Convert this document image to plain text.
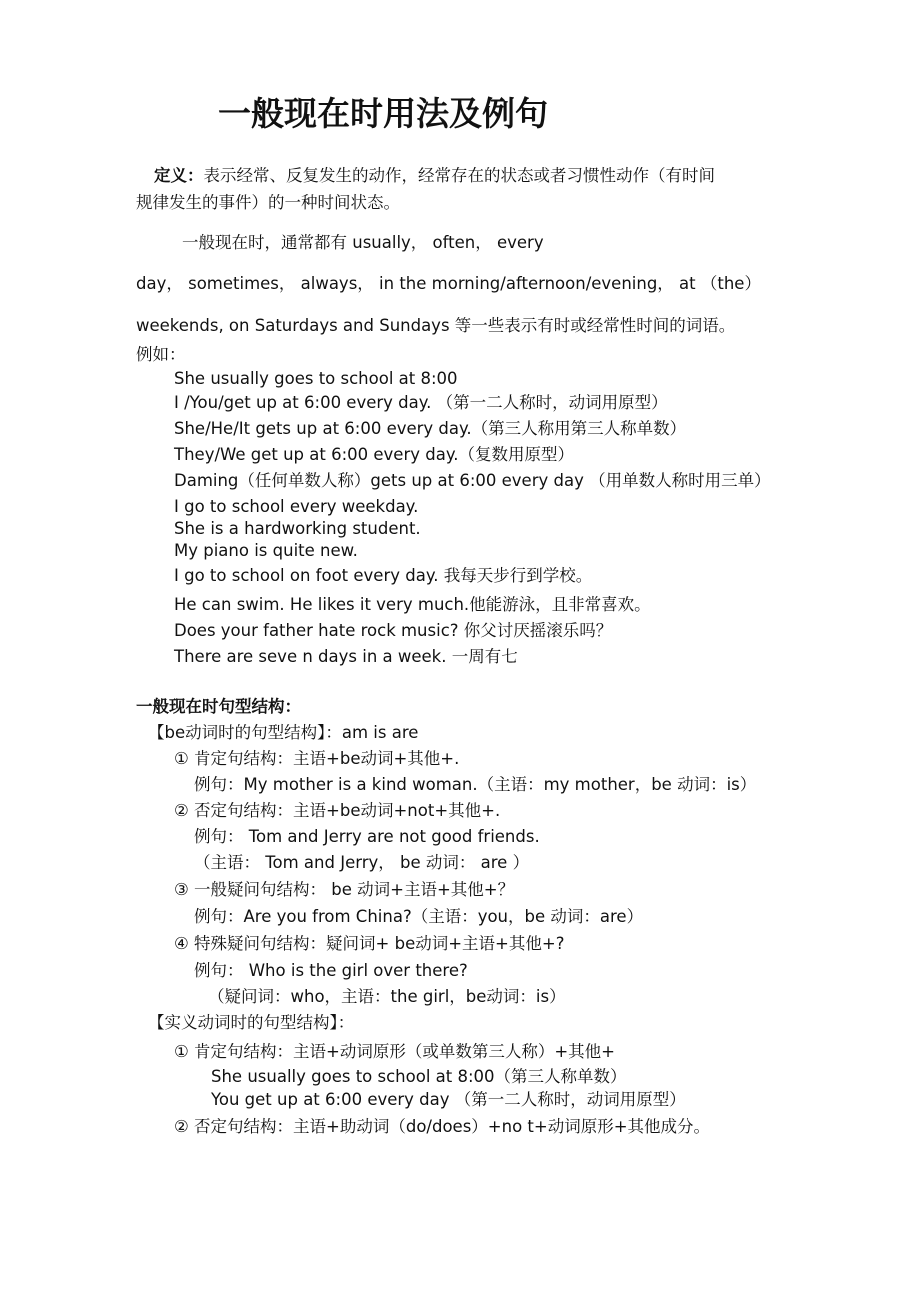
一般现在时用法及例句
定义：表示经常、反复发生的动作，经常存在的状态或者习惯性动作（有时间
规律发生的事件）的一种时间状态。
一般现在时，通常都有 usually， often， every
day， sometimes， always， in the morning/afternoon/evening， at （the）
weekends, on Saturdays and Sundays 等一些表示有时或经常性时间的词语。
例如：
She usually goes to school at 8:00
I /You/get up at 6:00 every day. （第一二人称时，动词用原型）
She/He/It gets up at 6:00 every day.（第三人称用第三人称单数）
They/We get up at 6:00 every day.（复数用原型）
Daming（任何单数人称）gets up at 6:00 every day （用单数人称时用三单）
I go to school every weekday.
She is a hardworking student.
My piano is quite new.
I go to school on foot every day. 我每天步行到学校。
He can swim. He likes it very much.他能游泳，且非常喜欢。
Does your father hate rock music? 你父讨厌摇滚乐吗？
There are seve n days in a week. 一周有七
一般现在时句型结构：
【be动词时的句型结构】：am is are
① 肯定句结构：主语+be动词+其他+.
例句：My mother is a kind woman.（主语：my mother，be 动词：is）
② 否定句结构：主语+be动词+not+其他+.
例句： Tom and Jerry are not good friends.
（主语： Tom and Jerry， be 动词： are ）
③ 一般疑问句结构： be 动词+主语+其他+？
例句：Are you from China?（主语：you，be 动词：are）
④ 特殊疑问句结构：疑问词+ be动词+主语+其他+?
例句： Who is the girl over there?
（疑问词：who，主语：the girl，be动词：is）
【实义动词时的句型结构】：
① 肯定句结构：主语+动词原形（或单数第三人称）+其他+
She usually goes to school at 8:00（第三人称单数）
You get up at 6:00 every day （第一二人称时，动词用原型）
② 否定句结构：主语+助动词（do/does）+no t+动词原形+其他成分。
